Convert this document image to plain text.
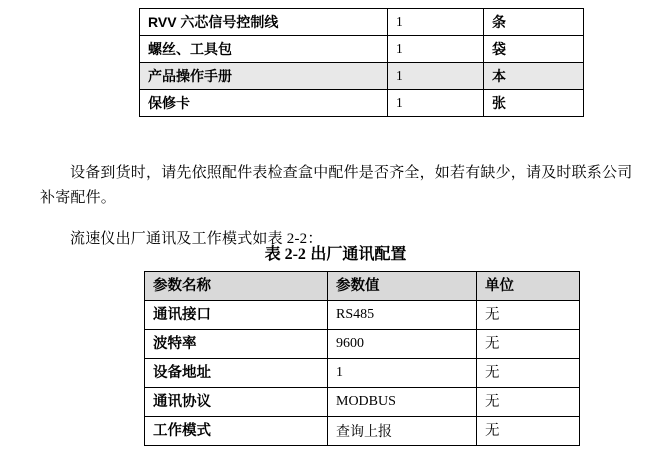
RVV 六芯信号控制线	1	条
螺丝、工具包	1	袋
产品操作手册	1	本
保修卡	1	张

设备到货时，请先依照配件表检查盒中配件是否齐全，如若有缺少，请及时联系公司补寄配件。

流速仪出厂通讯及工作模式如表 2-2：

表 2-2 出厂通讯配置
参数名称	参数值	单位
通讯接口	RS485	无
波特率	9600	无
设备地址	1	无
通讯协议	MODBUS	无
工作模式	查询上报	无
